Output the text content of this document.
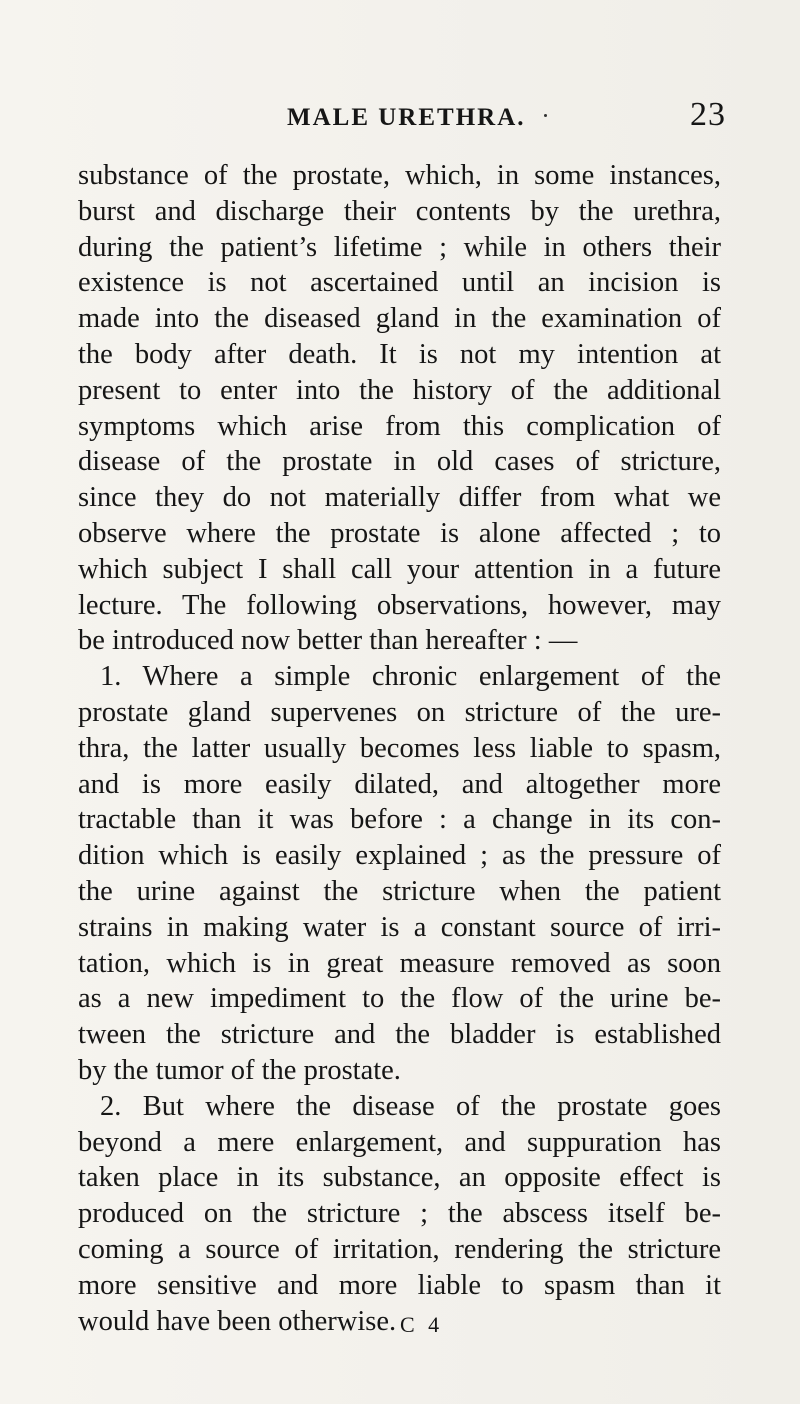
MALE URETHRA.	23
substance of the prostate, which, in some instances,
burst and discharge their contents by the urethra,
during the patient’s lifetime ; while in others their
existence is not ascertained until an incision is
made into the diseased gland in the examination of
the body after death. It is not my intention at
present to enter into the history of the additional
symptoms which arise from this complication of
disease of the prostate in old cases of stricture,
since they do not materially differ from what we
observe where the prostate is alone affected ; to
which subject I shall call your attention in a future
lecture. The following observations, however, may
be introduced now better than hereafter : —
1. Where a simple chronic enlargement of the
prostate gland supervenes on stricture of the ure-
thra, the latter usually becomes less liable to spasm,
and is more easily dilated, and altogether more
tractable than it was before : a change in its con-
dition which is easily explained ; as the pressure of
the urine against the stricture when the patient
strains in making water is a constant source of irri-
tation, which is in great measure removed as soon
as a new impediment to the flow of the urine be-
tween the stricture and the bladder is established
by the tumor of the prostate.
2. But where the disease of the prostate goes
beyond a mere enlargement, and suppuration has
taken place in its substance, an opposite effect is
produced on the stricture ; the abscess itself be-
coming a source of irritation, rendering the stricture
more sensitive and more liable to spasm than it
would have been otherwise. C 4
